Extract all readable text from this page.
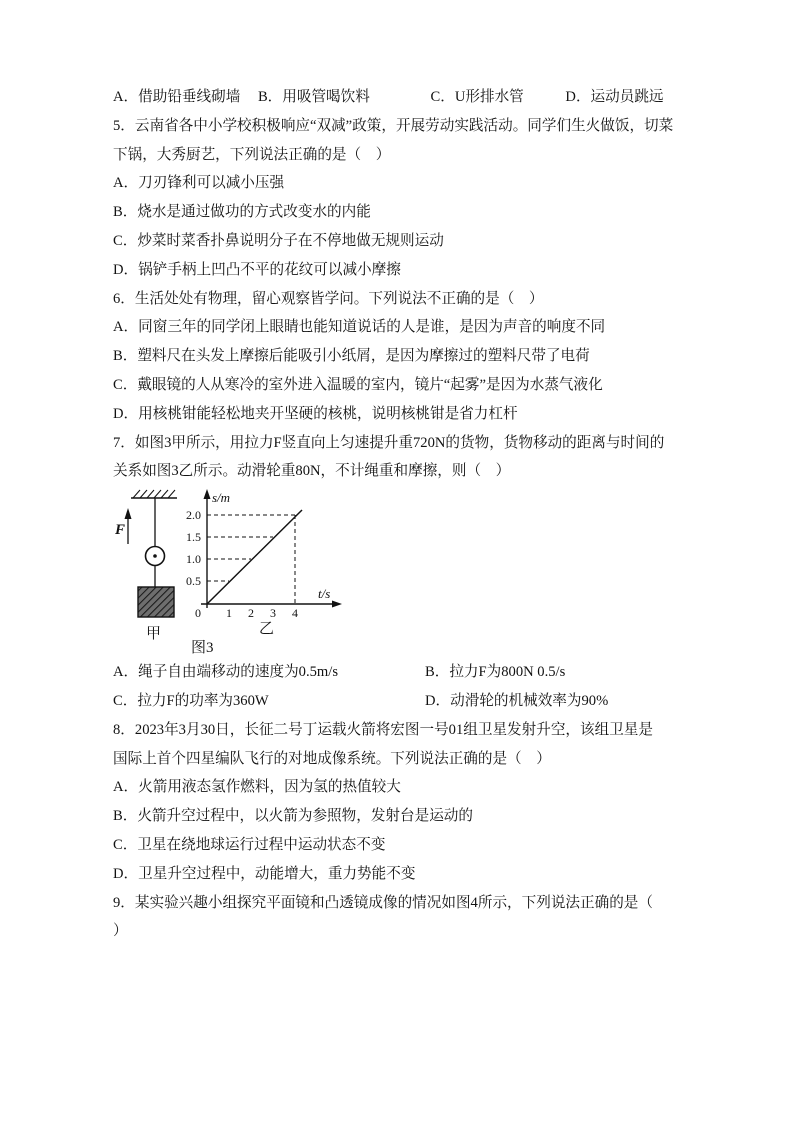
A．借助铅垂线砌墙 B．用吸管喝饮料	C．U形排水管	D．运动员跳远
5．云南省各中小学校积极响应“双减”政策，开展劳动实践活动。同学们生火做饭，切菜
下锅，大秀厨艺，下列说法正确的是（　）
A．刀刃锋利可以减小压强
B．烧水是通过做功的方式改变水的内能
C．炒菜时菜香扑鼻说明分子在不停地做无规则运动
D．锅铲手柄上凹凸不平的花纹可以减小摩擦
6．生活处处有物理，留心观察皆学问。下列说法不正确的是（　）
A．同窗三年的同学闭上眼睛也能知道说话的人是谁，是因为声音的响度不同
B．塑料尺在头发上摩擦后能吸引小纸屑，是因为摩擦过的塑料尺带了电荷
C．戴眼镜的人从寒冷的室外进入温暖的室内，镜片“起雾”是因为水蒸气液化
D．用核桃钳能轻松地夹开坚硬的核桃，说明核桃钳是省力杠杆
7．如图3甲所示，用拉力F竖直向上匀速提升重720N的货物，货物移动的距离与时间的
关系如图3乙所示。动滑轮重80N，不计绳重和摩擦，则（　）
F
甲
s/m
t/s
2.0
1.5
1.0
0.5
0 1 2 3 4
乙
图3
A．绳子自由端移动的速度为0.5m/s	B．拉力F为800N 0.5/s
C．拉力F的功率为360W	D．动滑轮的机械效率为90%
8．2023年3月30日，长征二号丁运载火箭将宏图一号01组卫星发射升空，该组卫星是
国际上首个四星编队飞行的对地成像系统。下列说法正确的是（　）
A．火箭用液态氢作燃料，因为氢的热值较大
B．火箭升空过程中，以火箭为参照物，发射台是运动的
C．卫星在绕地球运行过程中运动状态不变
D．卫星升空过程中，动能增大，重力势能不变
9．某实验兴趣小组探究平面镜和凸透镜成像的情况如图4所示，下列说法正确的是（
）
